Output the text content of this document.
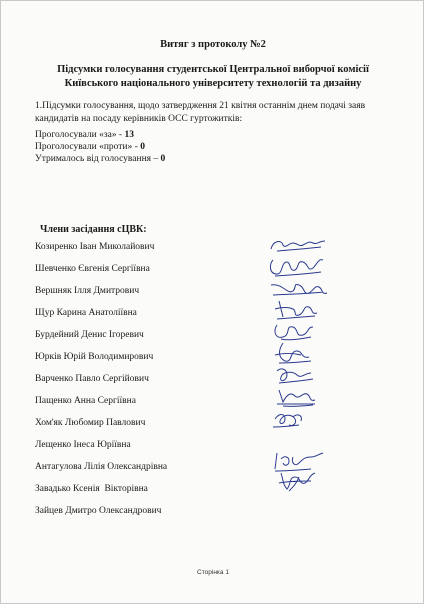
Витяг з протоколу №2
Підсумки голосування студентської Центральної виборчої комісії Київського національного університету технологій та дизайну
1.Підсумки голосування, щодо затвердження 21 квітня останнім днем подачі заяв кандидатів на посаду керівників ОСС гуртожитків:
Проголосували «за» - 13
Проголосували «проти» - 0
Утрималось від голосування – 0
Члени засідання сЦВК:
Козиренко Іван Миколайович
Шевченко Євгенія Сергіївна
Вершняк Ілля Дмитрович
Щур Карина Анатоліївна
Бурдейний Денис Ігоревич
Юрків Юрій Володимирович
Варченко Павло Сергійович
Пащенко Анна Сергіївна
Хом'як Любомир Павлович
Лещенко Інеса Юріївна
Антагулова Лілія Олександрівна
Завадько Ксенія  Вікторівна
Зайцев Дмитро Олександрович
Сторінка 1
